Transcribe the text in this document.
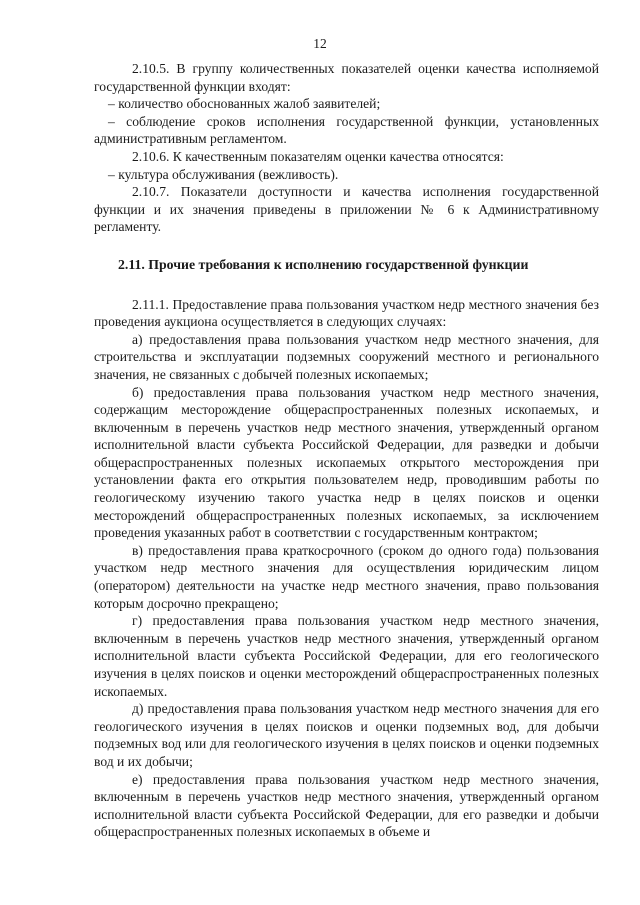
12

2.10.5. В группу количественных показателей оценки качества исполняемой государственной функции входят:

– количество обоснованных жалоб заявителей;

– соблюдение сроков исполнения государственной функции, установленных административным регламентом.

2.10.6. К качественным показателям оценки качества относятся:

– культура обслуживания (вежливость).

2.10.7. Показатели доступности и качества исполнения государственной функции и их значения приведены в приложении № 6 к Административному регламенту.

2.11. Прочие требования к исполнению государственной функции

2.11.1. Предоставление права пользования участком недр местного значения без проведения аукциона осуществляется в следующих случаях:

а) предоставления права пользования участком недр местного значения, для строительства и эксплуатации подземных сооружений местного и регионального значения, не связанных с добычей полезных ископаемых;

б) предоставления права пользования участком недр местного значения, содержащим месторождение общераспространенных полезных ископаемых, и включенным в перечень участков недр местного значения, утвержденный органом исполнительной власти субъекта Российской Федерации, для разведки и добычи общераспространенных полезных ископаемых открытого месторождения при установлении факта его открытия пользователем недр, проводившим работы по геологическому изучению такого участка недр в целях поисков и оценки месторождений общераспространенных полезных ископаемых, за исключением проведения указанных работ в соответствии с государственным контрактом;

в) предоставления права краткосрочного (сроком до одного года) пользования участком недр местного значения для осуществления юридическим лицом (оператором) деятельности на участке недр местного значения, право пользования которым досрочно прекращено;

г) предоставления права пользования участком недр местного значения, включенным в перечень участков недр местного значения, утвержденный органом исполнительной власти субъекта Российской Федерации, для его геологического изучения в целях поисков и оценки месторождений общераспространенных полезных ископаемых.

д) предоставления права пользования участком недр местного значения для его геологического изучения в целях поисков и оценки подземных вод, для добычи подземных вод или для геологического изучения в целях поисков и оценки подземных вод и их добычи;

е) предоставления права пользования участком недр местного значения, включенным в перечень участков недр местного значения, утвержденный органом исполнительной власти субъекта Российской Федерации, для его разведки и добычи общераспространенных полезных ископаемых в объеме и
